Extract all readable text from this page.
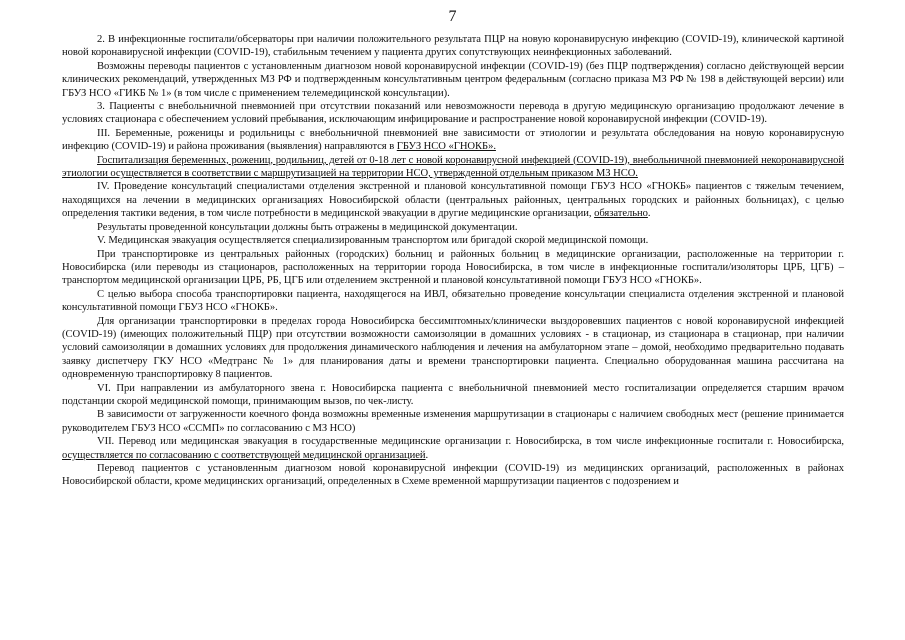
7

2. В инфекционные госпитали/обсерваторы при наличии положительного результата ПЦР на новую коронавирусную инфекцию (COVID-19), клинической картиной новой коронавирусной инфекции (COVID-19), стабильным течением у пациента других сопутствующих неинфекционных заболеваний.

Возможны переводы пациентов с установленным диагнозом новой коронавирусной инфекции (COVID-19) (без ПЦР подтверждения) согласно действующей версии клинических рекомендаций, утвержденных МЗ РФ и подтвержденным консультативным центром федеральным (согласно приказа МЗ РФ № 198 в действующей версии) или ГБУЗ НСО «ГИКБ № 1» (в том числе с применением телемедицинской консультации).

3. Пациенты с внебольничной пневмонией при отсутствии показаний или невозможности перевода в другую медицинскую организацию продолжают лечение в условиях стационара с обеспечением условий пребывания, исключающим инфицирование и распространение новой коронавирусной инфекции (COVID-19).

III. Беременные, роженицы и родильницы с внебольничной пневмонией вне зависимости от этиологии и результата обследования на новую коронавирусную инфекцию (COVID-19) и района проживания (выявления) направляются в ГБУЗ НСО «ГНОКБ».

Госпитализация беременных, рожениц, родильниц, детей от 0-18 лет с новой коронавирусной инфекцией (COVID-19), внебольничной пневмонией некоронавирусной этиологии осуществляется в соответствии с маршрутизацией на территории НСО, утвержденной отдельным приказом МЗ НСО.

IV. Проведение консультаций специалистами отделения экстренной и плановой консультативной помощи ГБУЗ НСО «ГНОКБ» пациентов с тяжелым течением, находящихся на лечении в медицинских организациях Новосибирской области (центральных районных, центральных городских и районных больницах), с целью определения тактики ведения, в том числе потребности в медицинской эвакуации в другие медицинские организации, обязательно.

Результаты проведенной консультации должны быть отражены в медицинской документации.

V. Медицинская эвакуация осуществляется специализированным транспортом или бригадой скорой медицинской помощи.

При транспортировке из центральных районных (городских) больниц и районных больниц в медицинские организации, расположенные на территории г. Новосибирска (или переводы из стационаров, расположенных на территории города Новосибирска, в том числе в инфекционные госпитали/изоляторы ЦРБ, ЦГБ) – транспортом медицинской организации ЦРБ, РБ, ЦГБ или отделением экстренной и плановой консультативной помощи ГБУЗ НСО «ГНОКБ».

С целью выбора способа транспортировки пациента, находящегося на ИВЛ, обязательно проведение консультации специалиста отделения экстренной и плановой консультативной помощи ГБУЗ НСО «ГНОКБ».

Для организации транспортировки в пределах города Новосибирска бессимптомных/клинически выздоровевших пациентов с новой коронавирусной инфекцией (COVID-19) (имеющих положительный ПЦР) при отсутствии возможности самоизоляции в домашних условиях - в стационар, из стационара в стационар, при наличии условий самоизоляции в домашних условиях для продолжения динамического наблюдения и лечения на амбулаторном этапе – домой, необходимо предварительно подавать заявку диспетчеру ГКУ НСО «Медтранс № 1» для планирования даты и времени транспортировки пациента. Специально оборудованная машина рассчитана на одновременную транспортировку 8 пациентов.

VI. При направлении из амбулаторного звена г. Новосибирска пациента с внебольничной пневмонией место госпитализации определяется старшим врачом подстанции скорой медицинской помощи, принимающим вызов, по чек-листу.

В зависимости от загруженности коечного фонда возможны временные изменения маршрутизации в стационары с наличием свободных мест (решение принимается руководителем ГБУЗ НСО «ССМП» по согласованию с МЗ НСО)

VII. Перевод или медицинская эвакуация в государственные медицинские организации г. Новосибирска, в том числе инфекционные госпитали г. Новосибирска, осуществляется по согласованию с соответствующей медицинской организацией.

Перевод пациентов с установленным диагнозом новой коронавирусной инфекции (COVID-19) из медицинских организаций, расположенных в районах Новосибирской области, кроме медицинских организаций, определенных в Схеме временной маршрутизации пациентов с подозрением и
